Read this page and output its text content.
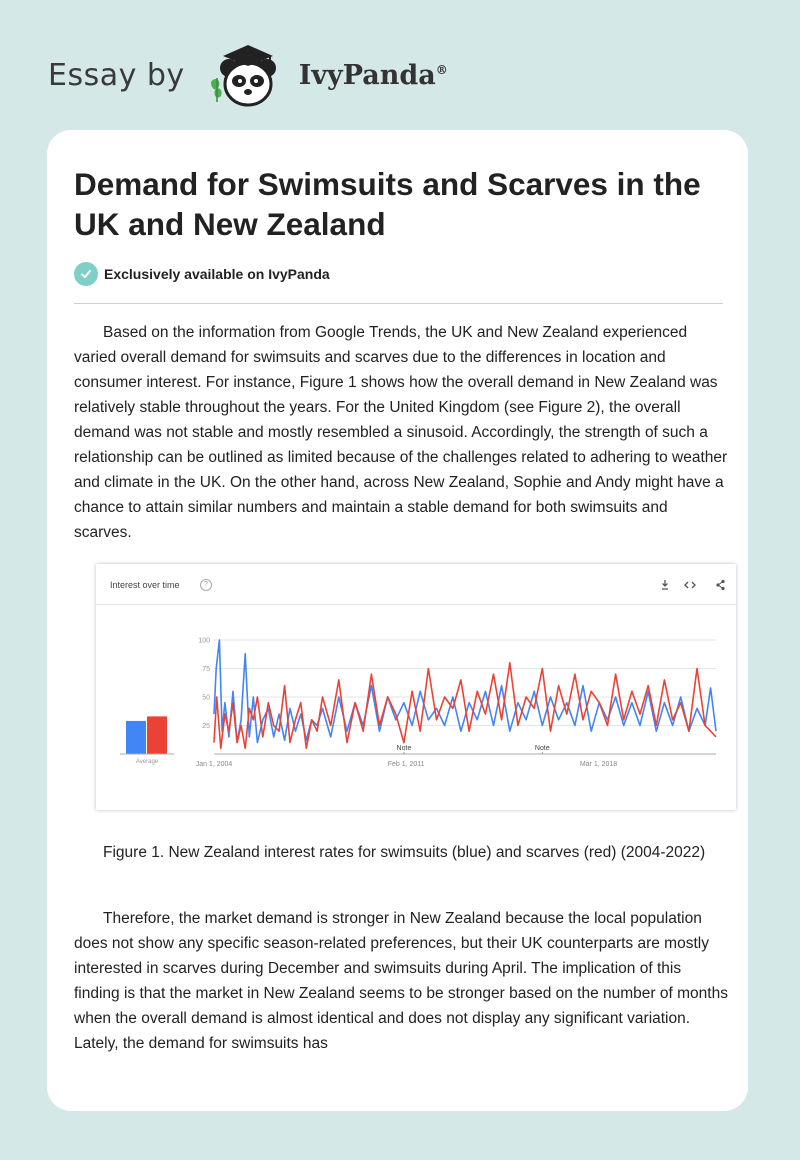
Essay by	IvyPanda®
Demand for Swimsuits and Scarves in the UK and New Zealand
Exclusively available on IvyPanda

Based on the information from Google Trends, the UK and New Zealand experienced varied overall demand for swimsuits and scarves due to the differences in location and consumer interest. For instance, Figure 1 shows how the overall demand in New Zealand was relatively stable throughout the years. For the United Kingdom (see Figure 2), the overall demand was not stable and mostly resembled a sinusoid. Accordingly, the strength of such a relationship can be outlined as limited because of the challenges related to adhering to weather and climate in the UK. On the other hand, across New Zealand, Sophie and Andy might have a chance to attain similar numbers and maintain a stable demand for both swimsuits and scarves.

Interest over time	?
100
75
50
25
Jan 1, 2004	Feb 1, 2011	Mar 1, 2018
Note	Note
Average

Figure 1. New Zealand interest rates for swimsuits (blue) and scarves (red) (2004-2022)

Therefore, the market demand is stronger in New Zealand because the local population does not show any specific season-related preferences, but their UK counterparts are mostly interested in scarves during December and swimsuits during April. The implication of this finding is that the market in New Zealand seems to be stronger based on the number of months when the overall demand is almost identical and does not display any significant variation. Lately, the demand for swimsuits has
